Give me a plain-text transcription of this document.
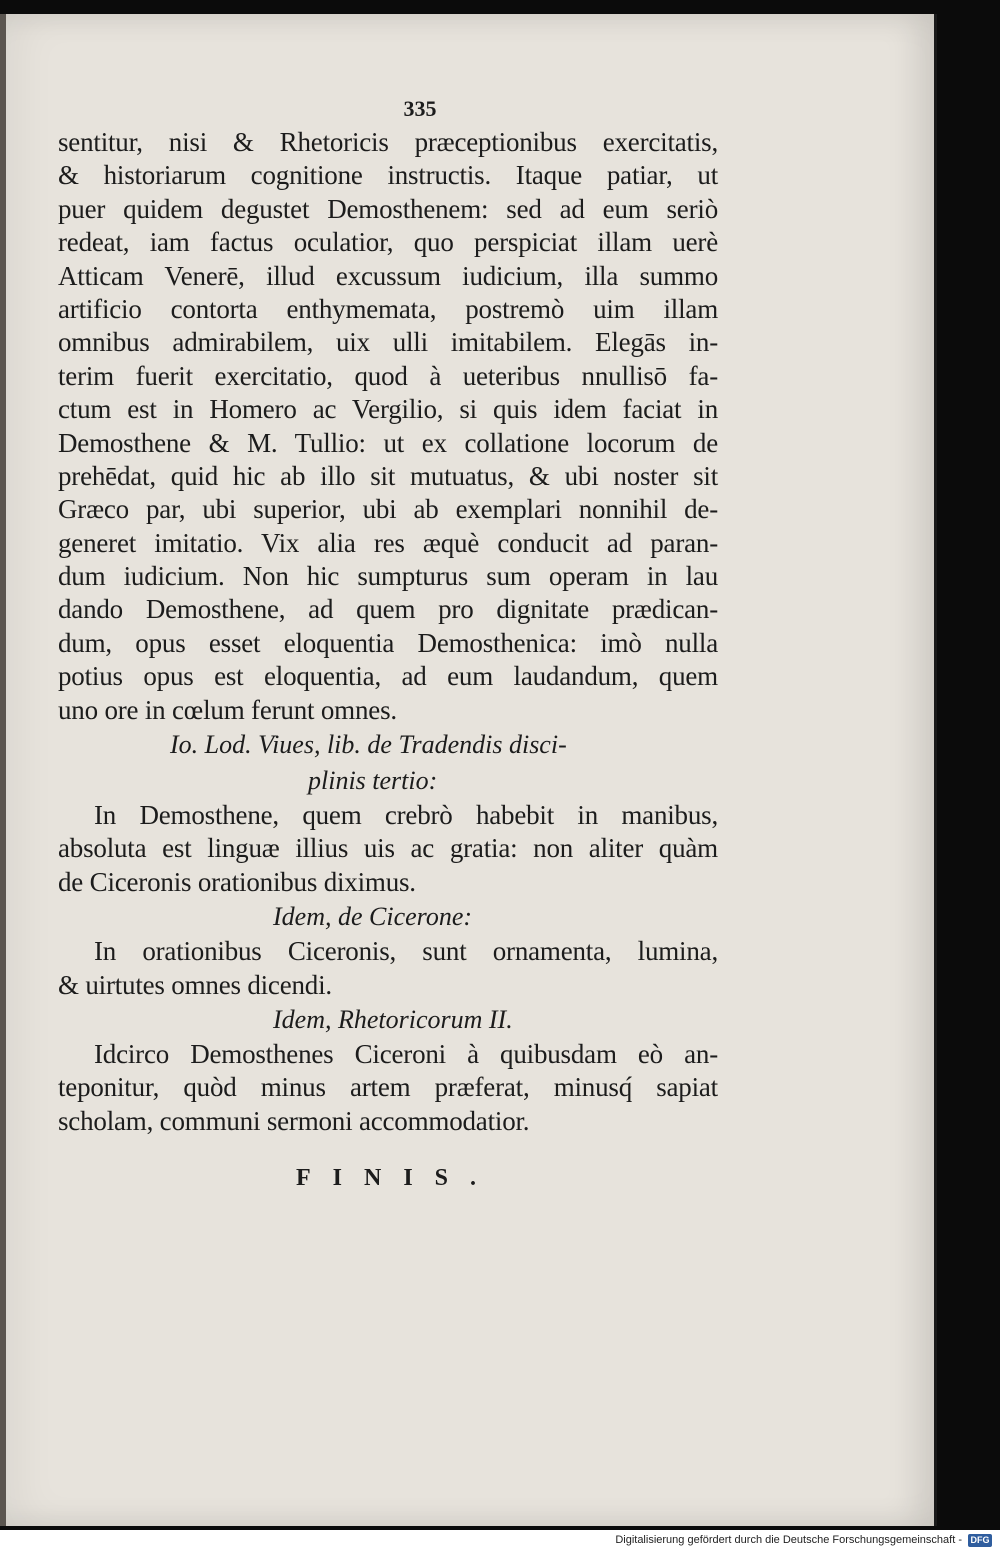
335
sentitur, nisi & Rhetoricis præceptionibus exercitatis,
& historiarum cognitione instructis. Itaque patiar, ut
puer quidem degustet Demosthenem: sed ad eum seriò
redeat, iam factus oculatior, quo perspiciat illam uerè
Atticam Venerē, illud excussum iudicium, illa summo
artificio contorta enthymemata, postremò uim illam
omnibus admirabilem, uix ulli imitabilem. Elegās in-
terim fuerit exercitatio, quod à ueteribus nnullisō fa-
ctum est in Homero ac Vergilio, si quis idem faciat in
Demosthene & M. Tullio: ut ex collatione locorum de
prehēdat, quid hic ab illo sit mutuatus, & ubi noster sit
Græco par, ubi superior, ubi ab exemplari nonnihil de-
generet imitatio. Vix alia res æquè conducit ad paran-
dum iudicium. Non hic sumpturus sum operam in lau
dando Demosthene, ad quem pro dignitate prædican-
dum, opus esset eloquentia Demosthenica: imò nulla
potius opus est eloquentia, ad eum laudandum, quem
uno ore in cœlum ferunt omnes.
Io. Lod. Viues, lib. de Tradendis disci-
plinis tertio:
In Demosthene, quem crebrò habebit in manibus,
absoluta est linguæ illius uis ac gratia: non aliter quàm
de Ciceronis orationibus diximus.
Idem, de Cicerone:
In orationibus Ciceronis, sunt ornamenta, lumina,
& uirtutes omnes dicendi.
Idem, Rhetoricorum II.
Idcirco Demosthenes Ciceroni à quibusdam eò an-
teponitur, quòd minus artem præferat, minusq́ sapiat
scholam, communi sermoni accommodatior.
FINIS.
Digitalisierung gefördert durch die Deutsche Forschungsgemeinschaft - DFG
